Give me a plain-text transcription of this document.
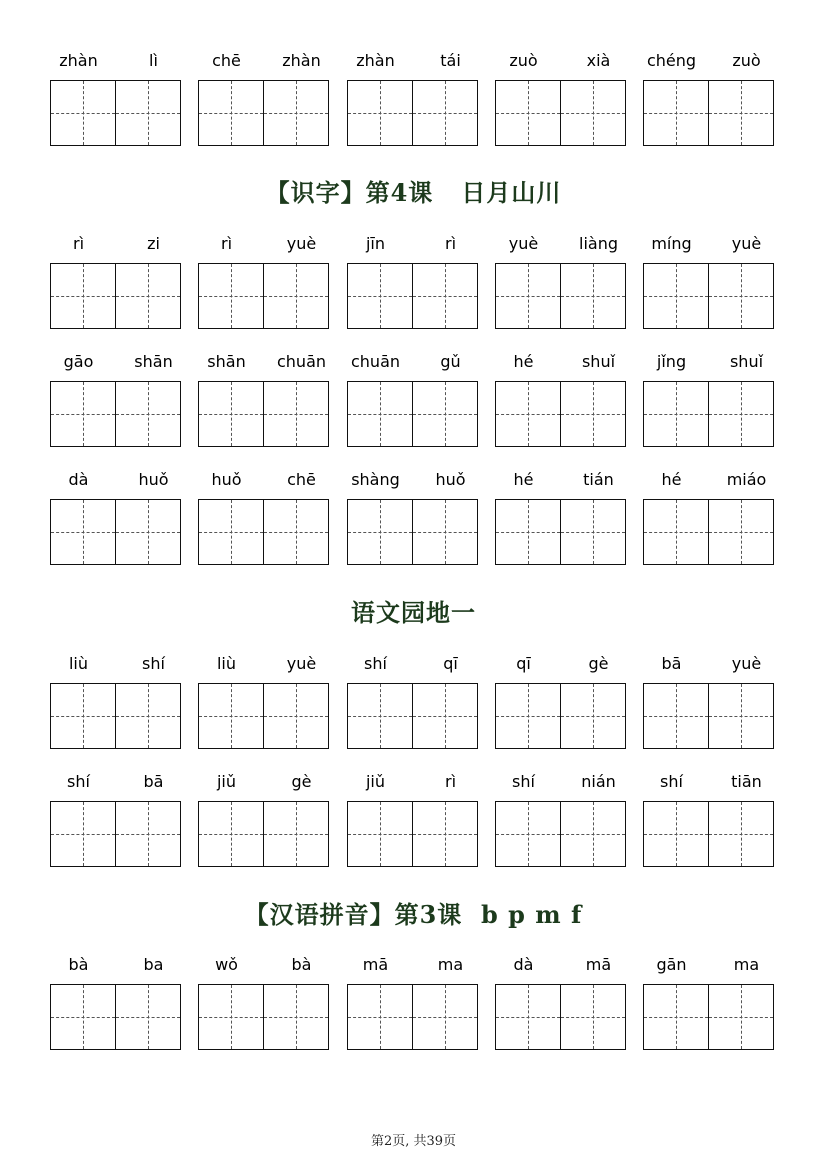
zhàn	lì	chē	zhàn	zhàn	tái	zuò	xià	chéng	zuò
【识字】第4课   日月山川
rì	zi	rì	yuè	jīn	rì	yuè	liàng	míng	yuè
gāo	shān	shān	chuān	chuān	gǔ	hé	shuǐ	jǐng	shuǐ
dà	huǒ	huǒ	chē	shàng	huǒ	hé	tián	hé	miáo
语文园地一
liù	shí	liù	yuè	shí	qī	qī	gè	bā	yuè
shí	bā	jiǔ	gè	jiǔ	rì	shí	nián	shí	tiān
【汉语拼音】第3课  b p m f
bà	ba	wǒ	bà	mā	ma	dà	mā	gān	ma
第2页, 共39页
